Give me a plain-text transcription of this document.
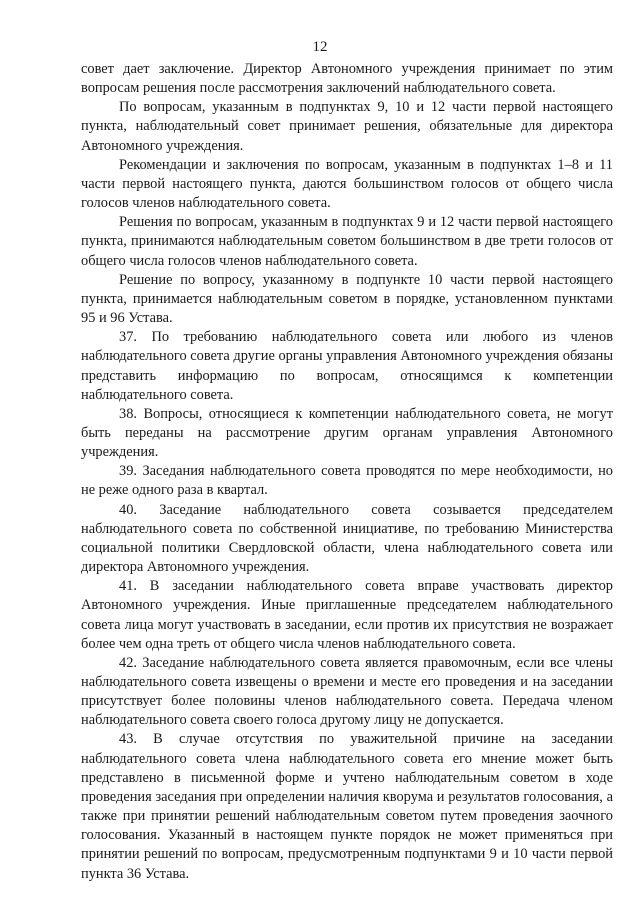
12

совет дает заключение. Директор Автономного учреждения принимает по этим вопросам решения после рассмотрения заключений наблюдательного совета.

По вопросам, указанным в подпунктах 9, 10 и 12 части первой настоящего пункта, наблюдательный совет принимает решения, обязательные для директора Автономного учреждения.

Рекомендации и заключения по вопросам, указанным в подпунктах 1–8 и 11 части первой настоящего пункта, даются большинством голосов от общего числа голосов членов наблюдательного совета.

Решения по вопросам, указанным в подпунктах 9 и 12 части первой настоящего пункта, принимаются наблюдательным советом большинством в две трети голосов от общего числа голосов членов наблюдательного совета.

Решение по вопросу, указанному в подпункте 10 части первой настоящего пункта, принимается наблюдательным советом в порядке, установленном пунктами 95 и 96 Устава.

37. По требованию наблюдательного совета или любого из членов наблюдательного совета другие органы управления Автономного учреждения обязаны представить информацию по вопросам, относящимся к компетенции наблюдательного совета.

38. Вопросы, относящиеся к компетенции наблюдательного совета, не могут быть переданы на рассмотрение другим органам управления Автономного учреждения.

39. Заседания наблюдательного совета проводятся по мере необходимости, но не реже одного раза в квартал.

40. Заседание наблюдательного совета созывается председателем наблюдательного совета по собственной инициативе, по требованию Министерства социальной политики Свердловской области, члена наблюдательного совета или директора Автономного учреждения.

41. В заседании наблюдательного совета вправе участвовать директор Автономного учреждения. Иные приглашенные председателем наблюдательного совета лица могут участвовать в заседании, если против их присутствия не возражает более чем одна треть от общего числа членов наблюдательного совета.

42. Заседание наблюдательного совета является правомочным, если все члены наблюдательного совета извещены о времени и месте его проведения и на заседании присутствует более половины членов наблюдательного совета. Передача членом наблюдательного совета своего голоса другому лицу не допускается.

43. В случае отсутствия по уважительной причине на заседании наблюдательного совета члена наблюдательного совета его мнение может быть представлено в письменной форме и учтено наблюдательным советом в ходе проведения заседания при определении наличия кворума и результатов голосования, а также при принятии решений наблюдательным советом путем проведения заочного голосования. Указанный в настоящем пункте порядок не может применяться при принятии решений по вопросам, предусмотренным подпунктами 9 и 10 части первой пункта 36 Устава.
